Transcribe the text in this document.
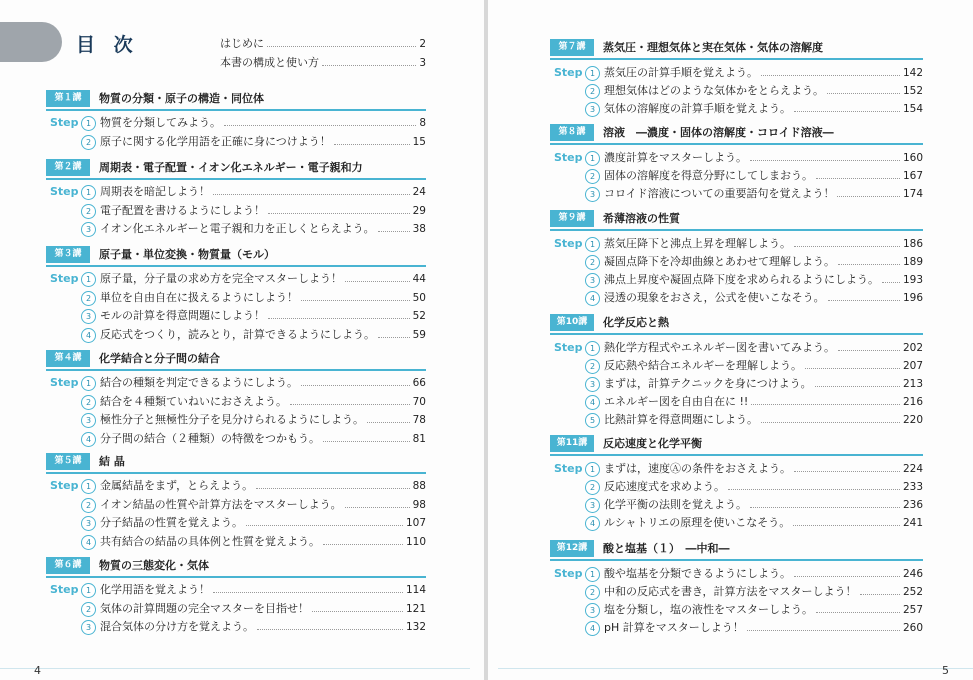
目 次	はじめに	2
本書の構成と使い方	3
第１講	物質の分類・原子の構造・同位体
Step 1 物質を分類してみよう。	8
2 原子に関する化学用語を正確に身につけよう！	15
第２講	周期表・電子配置・イオン化エネルギー・電子親和力
Step 1 周期表を暗記しよう！	24
2 電子配置を書けるようにしよう！	29
3 イオン化エネルギーと電子親和力を正しくとらえよう。	38
第３講	原子量・単位変換・物質量（モル）
Step 1 原子量，分子量の求め方を完全マスターしよう！	44
2 単位を自由自在に扱えるようにしよう！	50
3 モルの計算を得意問題にしよう！	52
4 反応式をつくり，読みとり，計算できるようにしよう。	59
第４講	化学結合と分子間の結合
Step 1 結合の種類を判定できるようにしよう。	66
2 結合を４種類ていねいにおさえよう。	70
3 極性分子と無極性分子を見分けられるようにしよう。	78
4 分子間の結合（２種類）の特徴をつかもう。	81
第５講	結 晶
Step 1 金属結晶をまず，とらえよう。	88
2 イオン結晶の性質や計算方法をマスターしよう。	98
3 分子結晶の性質を覚えよう。	107
4 共有結合の結晶の具体例と性質を覚えよう。	110
第６講	物質の三態変化・気体
Step 1 化学用語を覚えよう！	114
2 気体の計算問題の完全マスターを目指せ！	121
3 混合気体の分け方を覚えよう。	132
4
第７講	蒸気圧・理想気体と実在気体・気体の溶解度
Step 1 蒸気圧の計算手順を覚えよう。	142
2 理想気体はどのような気体かをとらえよう。	152
3 気体の溶解度の計算手順を覚えよう。	154
第８講	溶液　―濃度・固体の溶解度・コロイド溶液―
Step 1 濃度計算をマスターしよう。	160
2 固体の溶解度を得意分野にしてしまおう。	167
3 コロイド溶液についての重要語句を覚えよう！	174
第９講	希薄溶液の性質
Step 1 蒸気圧降下と沸点上昇を理解しよう。	186
2 凝固点降下を冷却曲線とあわせて理解しよう。	189
3 沸点上昇度や凝固点降下度を求められるようにしよう。 193
4 浸透の現象をおさえ，公式を使いこなそう。	196
第10講	化学反応と熱
Step 1 熱化学方程式やエネルギー図を書いてみよう。	202
2 反応熱や結合エネルギーを理解しよう。	207
3 まずは，計算テクニックを身につけよう。	213
4 エネルギー図を自由自在に !!	216
5 比熱計算を得意問題にしよう。	220
第11講	反応速度と化学平衡
Step 1 まずは，速度Ⓐの条件をおさえよう。	224
2 反応速度式を求めよう。	233
3 化学平衡の法則を覚えよう。	236
4 ルシャトリエの原理を使いこなそう。	241
第12講	酸と塩基（１）　―中和―
Step 1 酸や塩基を分類できるようにしよう。	246
2 中和の反応式を書き，計算方法をマスターしよう！	252
3 塩を分類し，塩の液性をマスターしよう。	257
4 pH 計算をマスターしよう！	260
5
